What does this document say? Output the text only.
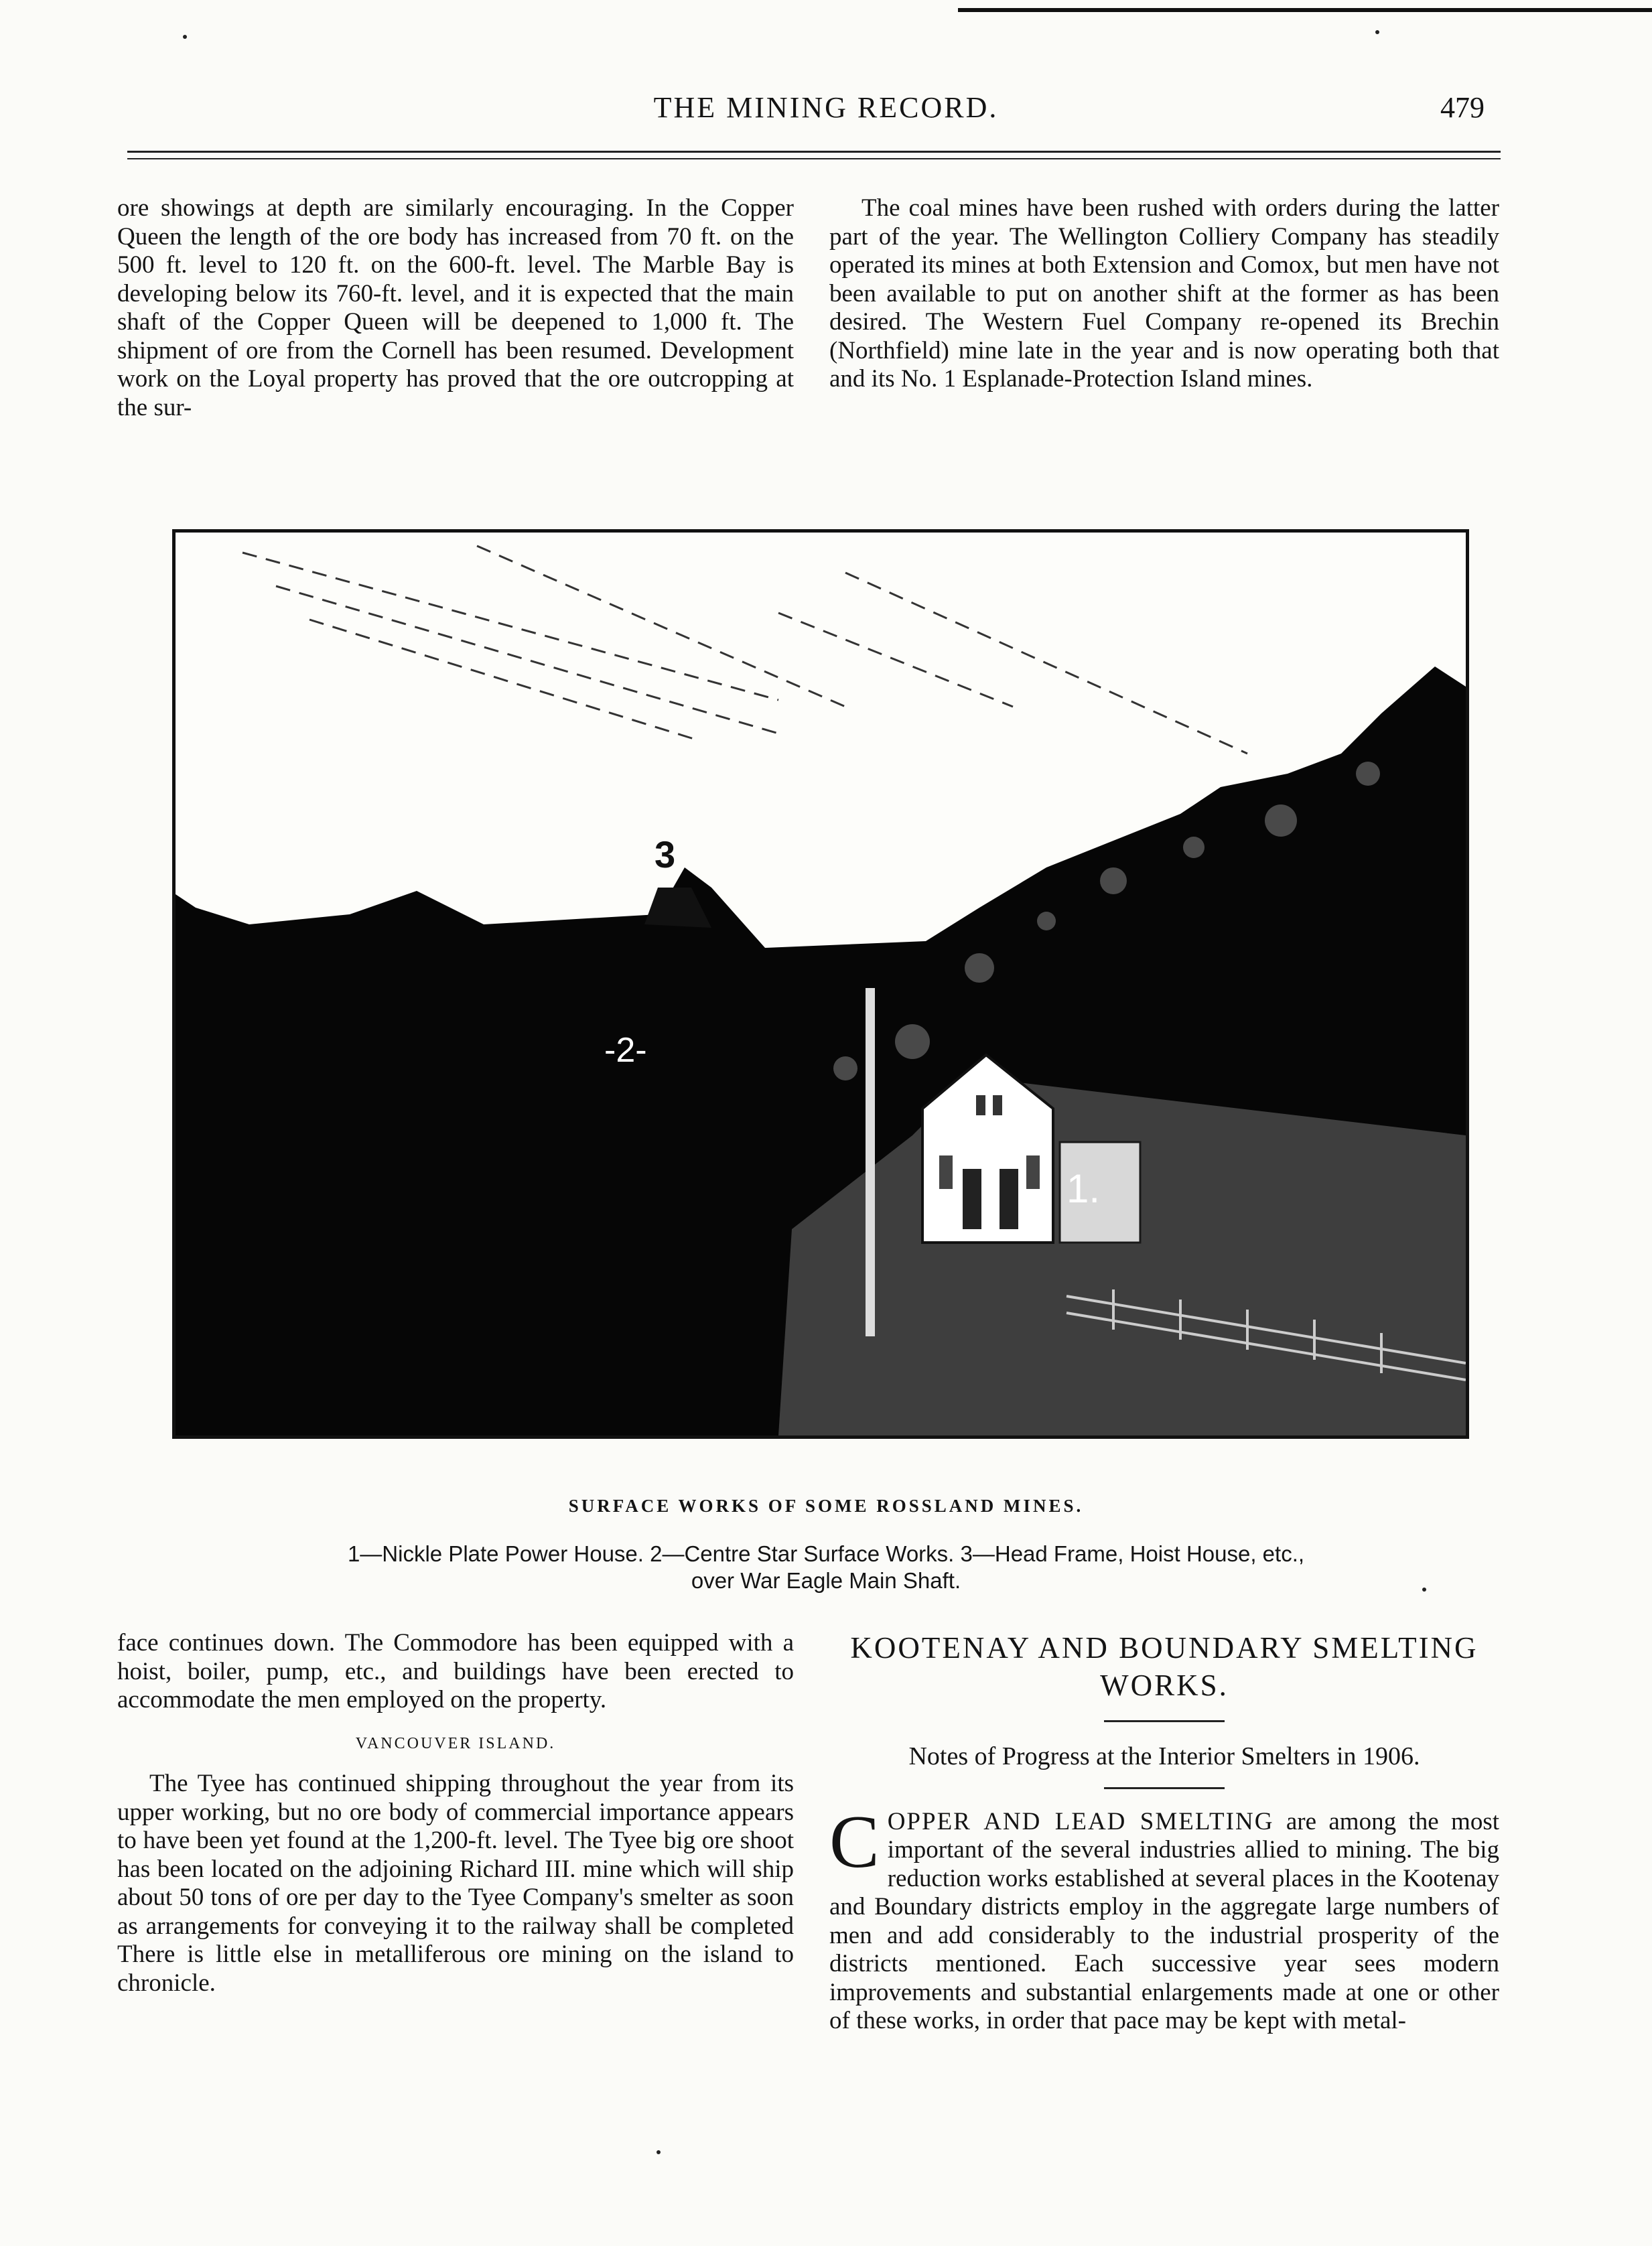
THE MINING RECORD.	479

ore showings at depth are similarly encouraging. In the Copper Queen the length of the ore body has increased from 70 ft. on the 500 ft. level to 120 ft. on the 600-ft. level. The Marble Bay is developing below its 760-ft. level, and it is expected that the main shaft of the Copper Queen will be deepened to 1,000 ft. The shipment of ore from the Cornell has been resumed. Development work on the Loyal property has proved that the ore outcropping at the sur-

The coal mines have been rushed with orders during the latter part of the year. The Wellington Colliery Company has steadily operated its mines at both Extension and Comox, but men have not been available to put on another shift at the former as has been desired. The Western Fuel Company re-opened its Brechin (Northfield) mine late in the year and is now operating both that and its No. 1 Esplanade-Protection Island mines.

3
-2-
1.
SURFACE WORKS OF SOME ROSSLAND MINES.
1—Nickle Plate Power House. 2—Centre Star Surface Works. 3—Head Frame, Hoist House, etc.,
over War Eagle Main Shaft.

face continues down. The Commodore has been equipped with a hoist, boiler, pump, etc., and buildings have been erected to accommodate the men employed on the property.

VANCOUVER ISLAND.

The Tyee has continued shipping throughout the year from its upper working, but no ore body of commercial importance appears to have been yet found at the 1,200-ft. level. The Tyee big ore shoot has been located on the adjoining Richard III. mine which will ship about 50 tons of ore per day to the Tyee Company's smelter as soon as arrangements for conveying it to the railway shall be completed There is little else in metalliferous ore mining on the island to chronicle.

KOOTENAY AND BOUNDARY SMELTING WORKS.
Notes of Progress at the Interior Smelters in 1906.

COPPER AND LEAD SMELTING are among the most important of the several industries allied to mining. The big reduction works established at several places in the Kootenay and Boundary districts employ in the aggregate large numbers of men and add considerably to the industrial prosperity of the districts mentioned. Each successive year sees modern improvements and substantial enlargements made at one or other of these works, in order that pace may be kept with metal-
